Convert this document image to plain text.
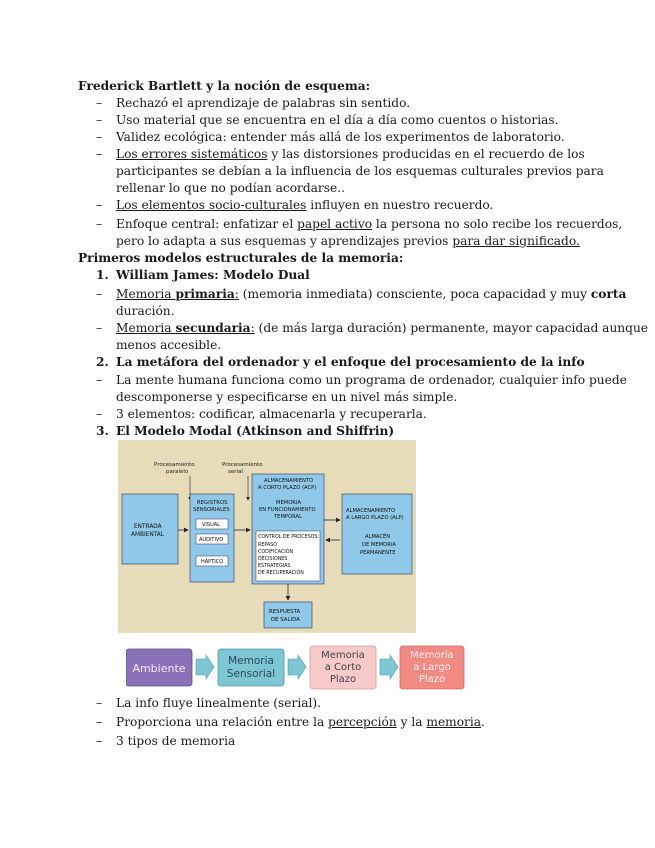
Frederick Bartlett y la noción de esquema:
– Rechazó el aprendizaje de palabras sin sentido.
– Uso material que se encuentra en el día a día como cuentos o historias.
– Validez ecológica: entender más allá de los experimentos de laboratorio.
– Los errores sistemáticos y las distorsiones producidas en el recuerdo de los
participantes se debían a la influencia de los esquemas culturales previos para
rellenar lo que no podían acordarse..
– Los elementos socio-culturales influyen en nuestro recuerdo.
– Enfoque central: enfatizar el papel activo la persona no solo recibe los recuerdos,
pero lo adapta a sus esquemas y aprendizajes previos para dar significado.
Primeros modelos estructurales de la memoria:
1. William James: Modelo Dual
– Memoria primaria: (memoria inmediata) consciente, poca capacidad y muy corta
duración.
– Memoria secundaria: (de más larga duración) permanente, mayor capacidad aunque
menos accesible.
2. La metáfora del ordenador y el enfoque del procesamiento de la info
– La mente humana funciona como un programa de ordenador, cualquier info puede
descomponerse y especificarse en un nivel más simple.
– 3 elementos: codificar, almacenarla y recuperarla.
3. El Modelo Modal (Atkinson and Shiffrin)
Procesamiento
paralelo
Procesamiento
serial
ENTRADA
AMBIENTAL
REGISTROS
SENSORIALES
VISUAL
AUDITIVO
HÁPTICO
ALMACENAMIENTO
A CORTO PLAZO (ACP)
MEMORIA
EN FUNCIONAMIENTO
TEMPORAL
CONTROL DE PROCESOS:
REPASO
CODIFICACIÓN
DECISIONES
ESTRATEGIAS
DE RECUPERACIÓN
ALMACENAMIENTO
A LARGO PLAZO (ALP)
ALMACÉN
DE MEMORIA
PERMANENTE
RESPUESTA
DE SALIDA
Ambiente
Memoria
Sensorial
Memoria
a Corto
Plazo
Memoria
a Largo
Plazo
– La info fluye linealmente (serial).
– Proporciona una relación entre la percepción y la memoria.
– 3 tipos de memoria
